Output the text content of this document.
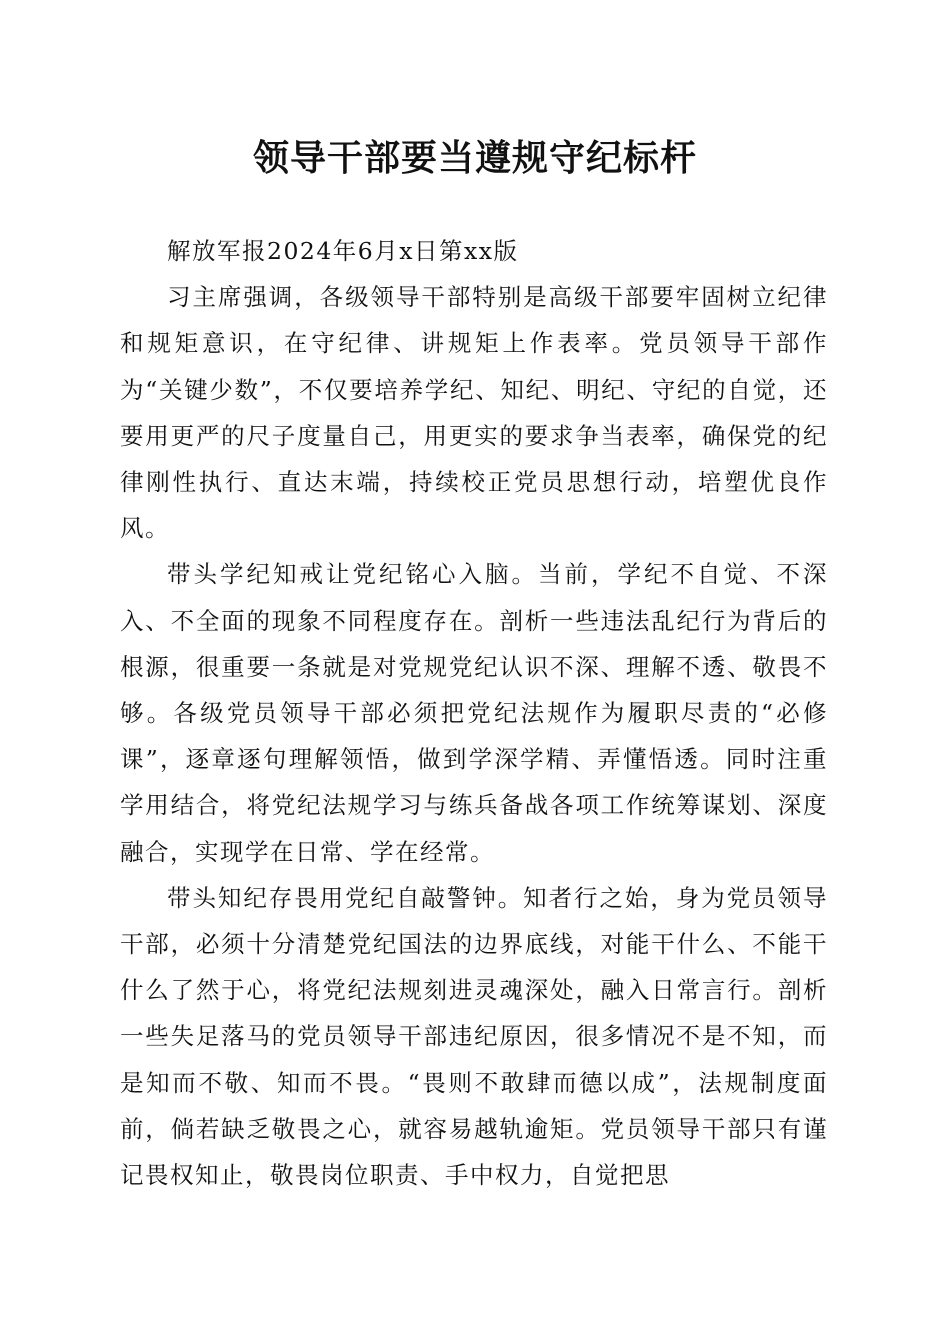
领导干部要当遵规守纪标杆

解放军报2024年6月x日第xx版

习主席强调，各级领导干部特别是高级干部要牢固树立纪律和规矩意识，在守纪律、讲规矩上作表率。党员领导干部作为“关键少数”，不仅要培养学纪、知纪、明纪、守纪的自觉，还要用更严的尺子度量自己，用更实的要求争当表率，确保党的纪律刚性执行、直达末端，持续校正党员思想行动，培塑优良作风。

带头学纪知戒让党纪铭心入脑。当前，学纪不自觉、不深入、不全面的现象不同程度存在。剖析一些违法乱纪行为背后的根源，很重要一条就是对党规党纪认识不深、理解不透、敬畏不够。各级党员领导干部必须把党纪法规作为履职尽责的“必修课”，逐章逐句理解领悟，做到学深学精、弄懂悟透。同时注重学用结合，将党纪法规学习与练兵备战各项工作统筹谋划、深度融合，实现学在日常、学在经常。

带头知纪存畏用党纪自敲警钟。知者行之始，身为党员领导干部，必须十分清楚党纪国法的边界底线，对能干什么、不能干什么了然于心，将党纪法规刻进灵魂深处，融入日常言行。剖析一些失足落马的党员领导干部违纪原因，很多情况不是不知，而是知而不敬、知而不畏。“畏则不敢肆而德以成”，法规制度面前，倘若缺乏敬畏之心，就容易越轨逾矩。党员领导干部只有谨记畏权知止，敬畏岗位职责、手中权力，自觉把思
